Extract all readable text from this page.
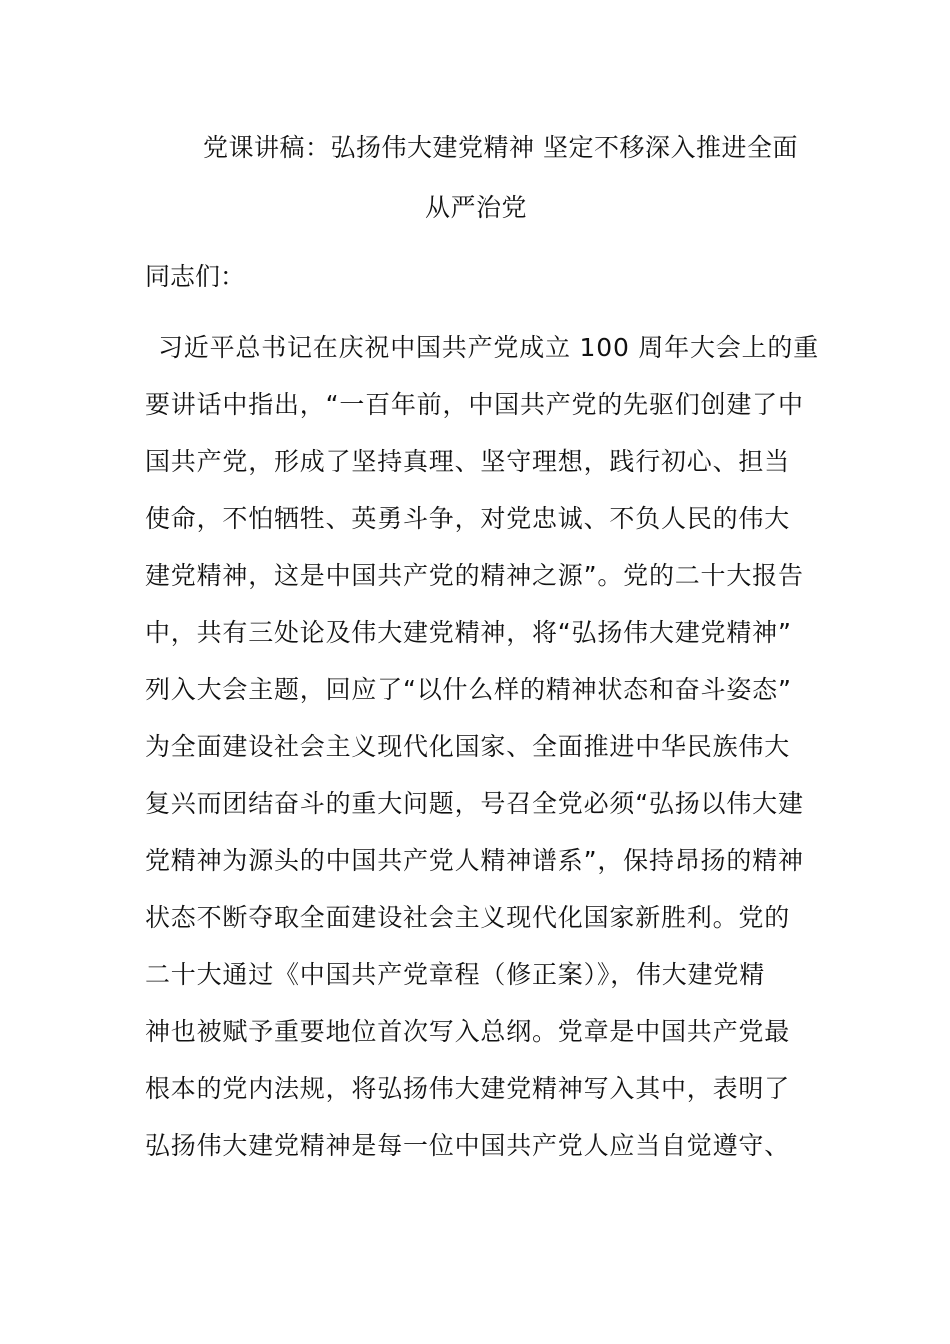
党课讲稿：弘扬伟大建党精神 坚定不移深入推进全面
从严治党
同志们：
习近平总书记在庆祝中国共产党成立 100 周年大会上的重
要讲话中指出，“一百年前，中国共产党的先驱们创建了中
国共产党，形成了坚持真理、坚守理想，践行初心、担当
使命，不怕牺牲、英勇斗争，对党忠诚、不负人民的伟大
建党精神，这是中国共产党的精神之源”。党的二十大报告
中，共有三处论及伟大建党精神，将“弘扬伟大建党精神”
列入大会主题，回应了“以什么样的精神状态和奋斗姿态”
为全面建设社会主义现代化国家、全面推进中华民族伟大
复兴而团结奋斗的重大问题，号召全党必须“弘扬以伟大建
党精神为源头的中国共产党人精神谱系”，保持昂扬的精神
状态不断夺取全面建设社会主义现代化国家新胜利。党的
二十大通过《中国共产党章程（修正案）》，伟大建党精
神也被赋予重要地位首次写入总纲。党章是中国共产党最
根本的党内法规，将弘扬伟大建党精神写入其中，表明了
弘扬伟大建党精神是每一位中国共产党人应当自觉遵守、
